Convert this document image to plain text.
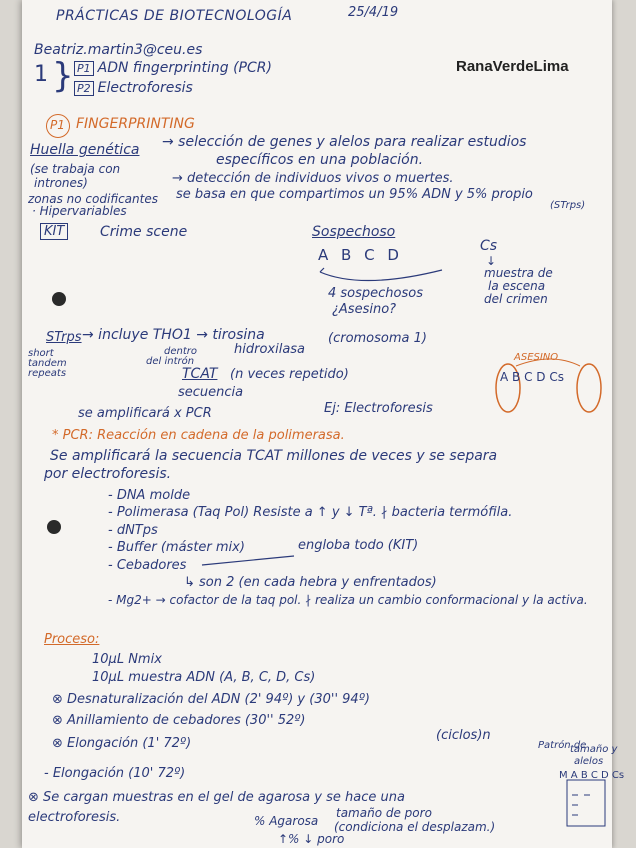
PRÁCTICAS DE BIOTECNOLOGÍA	25/4/19
Beatriz.martin3@ceu.es
1 } P1 ADN fingerprinting (PCR)
P2 Electroforesis
RanaVerdeLima
P1 FINGERPRINTING
Huella genética → selección de genes y alelos para realizar estudios
específicos en una población.
(se trabaja con
intrones)	→ detección de individuos vivos o muertes.
zonas no codificantes se basa en que compartimos un 95% ADN y 5% propio
· Hipervariables	(STrps)
KIT	Crime scene	Sospechoso
A B C D	Cs
↓
muestra de
la escena
del crimen
4 sospechosos
¿Asesino?
STrps → incluye THO1 → tirosina
hidroxilasa
(cromosoma 1)
short
tandem
repeats
dentro
del intrón
TCAT (n veces repetido)
secuencia
se amplificará x PCR	Ej: Electroforesis
ASESINO
A B C D Cs
* PCR: Reacción en cadena de la polimerasa.
Se amplificará la secuencia TCAT millones de veces y se separa
por electroforesis.
- DNA molde
- Polimerasa (Taq Pol) Resiste a ↑ y ↓ Tª. ∤ bacteria termófila.
- dNTps
- Buffer (máster mix)	engloba todo (KIT)
- Cebadores
↳ son 2 (en cada hebra y enfrentados)
- Mg2+ → cofactor de la taq pol. ∤ realiza un cambio conformacional y la activa.
Proceso:
10µL Nmix
10µL muestra ADN (A, B, C, D, Cs)
⊗ Desnaturalización del ADN (2' 94º) y (30'' 94º)
⊗ Anillamiento de cebadores (30'' 52º)
⊗ Elongación (1' 72º)
(ciclos)n
Patrón de
tamaño y
alelos
M A B C D Cs
- Elongación (10' 72º)
⊗ Se cargan muestras en el gel de agarosa y se hace una
electroforesis.	% Agarosa
tamaño de poro
(condiciona el desplazam.)
↑% ↓ poro
